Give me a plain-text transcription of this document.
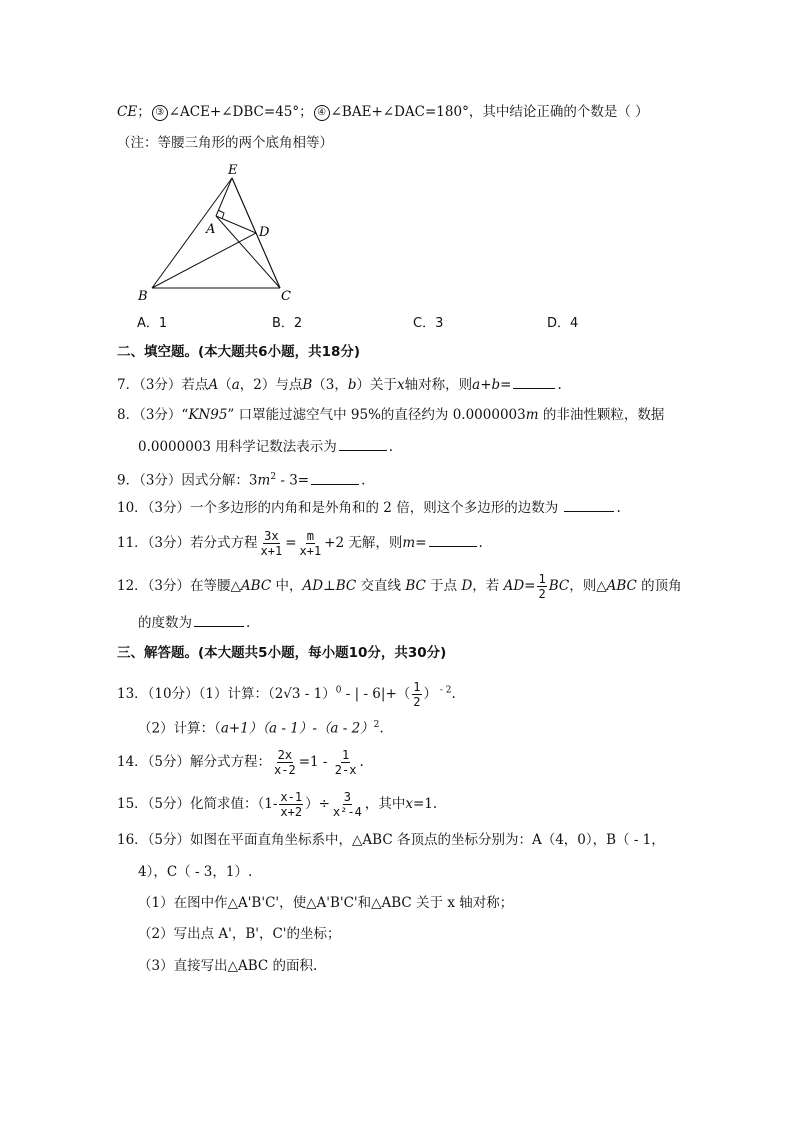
CE； ③ ∠ACE+∠DBC=45°； ④ ∠BAE+∠DAC=180°，其中结论正确的个数是（ ）
（注：等腰三角形的两个底角相等）
E
A	D
B	C
A．1	B．2	C．3	D．4
二、填空题。(本大题共6小题，共18分)
7．（3分）若点A（a，2）与点B（3，b）关于x轴对称，则a+b=	.
8．（3分）“KN95” 口罩能过滤空气中 95%的直径约为 0.0000003m 的非油性颗粒，数据
0.0000003 用科学记数法表示为	.
9．（3分）因式分解：$3m^2 - 3=$	.
10．（3分）一个多边形的内角和是外角和的 2 倍，则这个多边形的边数为	.
11．（3分）若分式方程 $\frac{3x}{x+1} = \frac{m}{x+1} +2$ 无解，则m=	.
12．（3分）在等腰△ABC 中，AD⊥BC 交直线 BC 于点 D，若 $AD= \frac{1}{2}$ BC，则△ABC 的顶角
的度数为	.
三、解答题。(本大题共5小题，每小题10分，共30分)
13．（10分）（1）计算：（2√3 - 1）$^0$ - | - $6|+( \frac{1}{2}$ ） $^{- 2}$.
（2）计算：（a+1）（a - 1）-（a - 2）$^2$.
14．（5分）解分式方程： $\frac{2x}{x-2} =1 - \frac{1}{2-x}$ .
15．（5分）化简求值：（$1- \frac{x-1}{x+2}$ ）÷ $\frac{3}{\text{x²-4}}$ ，其中x=1.
16．（5分）如图在平面直角坐标系中，△ABC 各顶点的坐标分别为：A（4，0），B（ - 1，
4），C（ - 3，1）.
（1）在图中作△A'B'C'，使△A'B'C'和△ABC 关于 x 轴对称；
（2）写出点 A'，B'，C'的坐标；
（3）直接写出△ABC 的面积.
